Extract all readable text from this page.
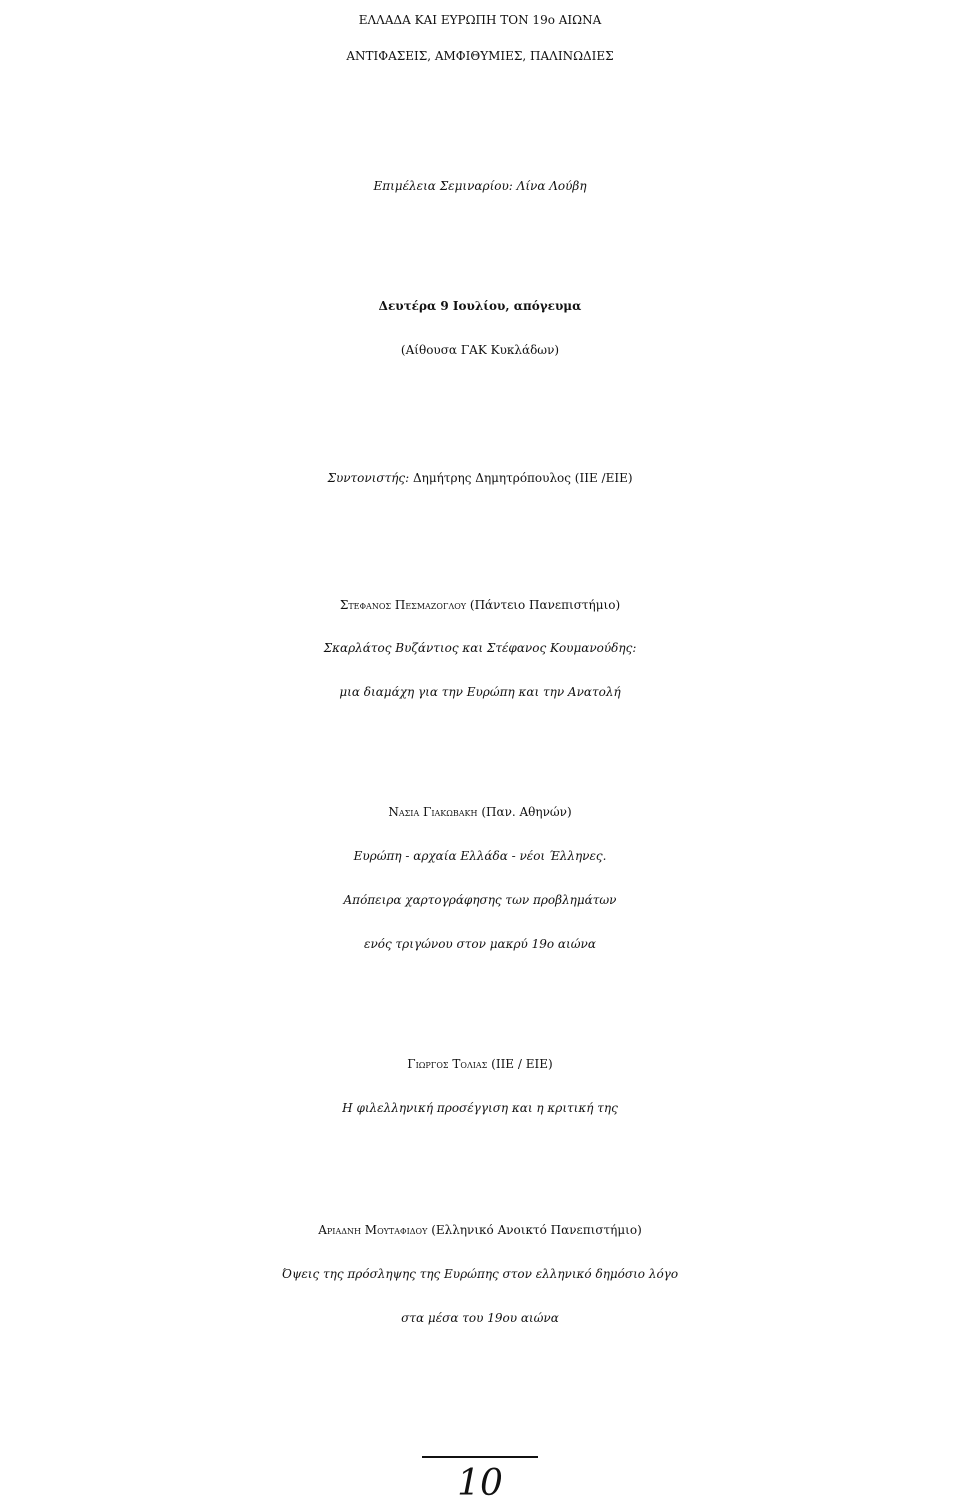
ΕΛΛΑΔΑ ΚΑΙ ΕΥΡΩΠΗ ΤΟΝ 19ο ΑΙΩΝΑ
ΑΝΤΙΦΑΣΕΙΣ, ΑΜΦΙΘΥΜΙΕΣ, ΠΑΛΙΝΩΔΙΕΣ
Επιμέλεια Σεμιναρίου: Λίνα Λούβη
Δευτέρα 9 Ιουλίου, απόγευμα
(Αίθουσα ΓΑΚ Κυκλάδων)
Συντονιστής: Δημήτρης Δημητρόπουλος (ΙΙΕ /ΕΙΕ)
Στεφανος Πεσμαζογλου (Πάντειο Πανεπιστήμιο)
Σκαρλάτος Βυζάντιος και Στέφανος Κουμανούδης:
μια διαμάχη για την Ευρώπη και την Ανατολή
Νασια Γιακωβακη (Παν. Αθηνών)
Ευρώπη - αρχαία Ελλάδα - νέοι Έλληνες.
Απόπειρα χαρτογράφησης των προβλημάτων
ενός τριγώνου στον μακρύ 19ο αιώνα
Γιωργος Τολιας (ΙΙΕ / ΕΙΕ)
Η φιλελληνική προσέγγιση και η κριτική της
Αριαδνη Μουταφιδου (Ελληνικό Ανοικτό Πανεπιστήμιο)
Όψεις της πρόσληψης της Ευρώπης στον ελληνικό δημόσιο λόγο
στα μέσα του 19ου αιώνα
10
